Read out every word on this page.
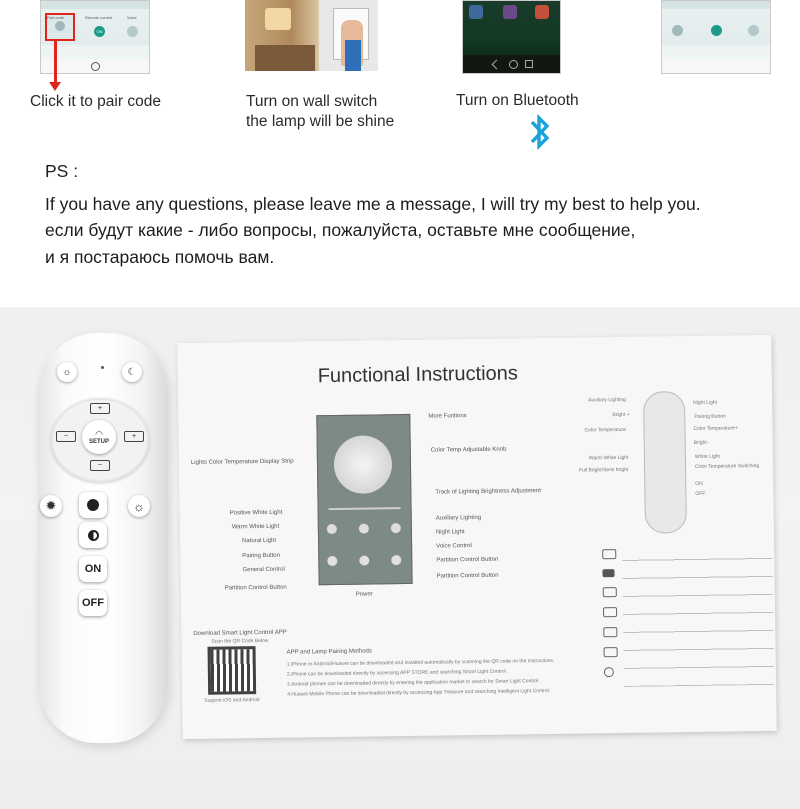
Pair code	Remote control	Voice
ON
Click it to pair code	Turn on wall switch
the lamp will be shine
Turn on Bluetooth
PS :
If you have any questions, please leave me a message, I will try my best to help you.
если будут какие - либо вопросы, пожалуйста, оставьте мне сообщение,
и я постараюсь помочь вам.
☼	☾
+
−	+
−
◠
SETUP
✹	☼
ON
OFF
Functional Instructions
Lights Color Temperature Display Strip
Positive White Light
Warm White Light
Natural Light
Pairing Button
General Control
Partition Control Button
More Funtions
Color Temp Adjustable Knob
Track of Lighting Brightness Adjustment
Auxiliary Lighting
Night Light
Voice Control
Partition Control Button
Partition Control Button
Power
Auxiliary Lighting	Night Light
Bright +	Pairing Button
Color Temperature	Color Temperature+
Bright -
Warm White Light	White Light
Full Bright/Semi bright
Color Temperature Switching
ON
OFF
Download Smart Light Control APP
Scan the QR Code Below
Support iOS and Android
APP and Lamp Pairing Methods
1.iPhone or Android/Huawei can be downloaded and installed automatically by scanning the QR code on the instructions.
2.iPhone can be downloaded directly by accessing APP STORE and searching Smart Light Control.
3.Android phones can be downloaded directly by entering the application market to search for Smart Light Control.
4.Huawei Mobile Phone can be downloaded directly by accessing App Treasure and searching Intelligent Light Control.
